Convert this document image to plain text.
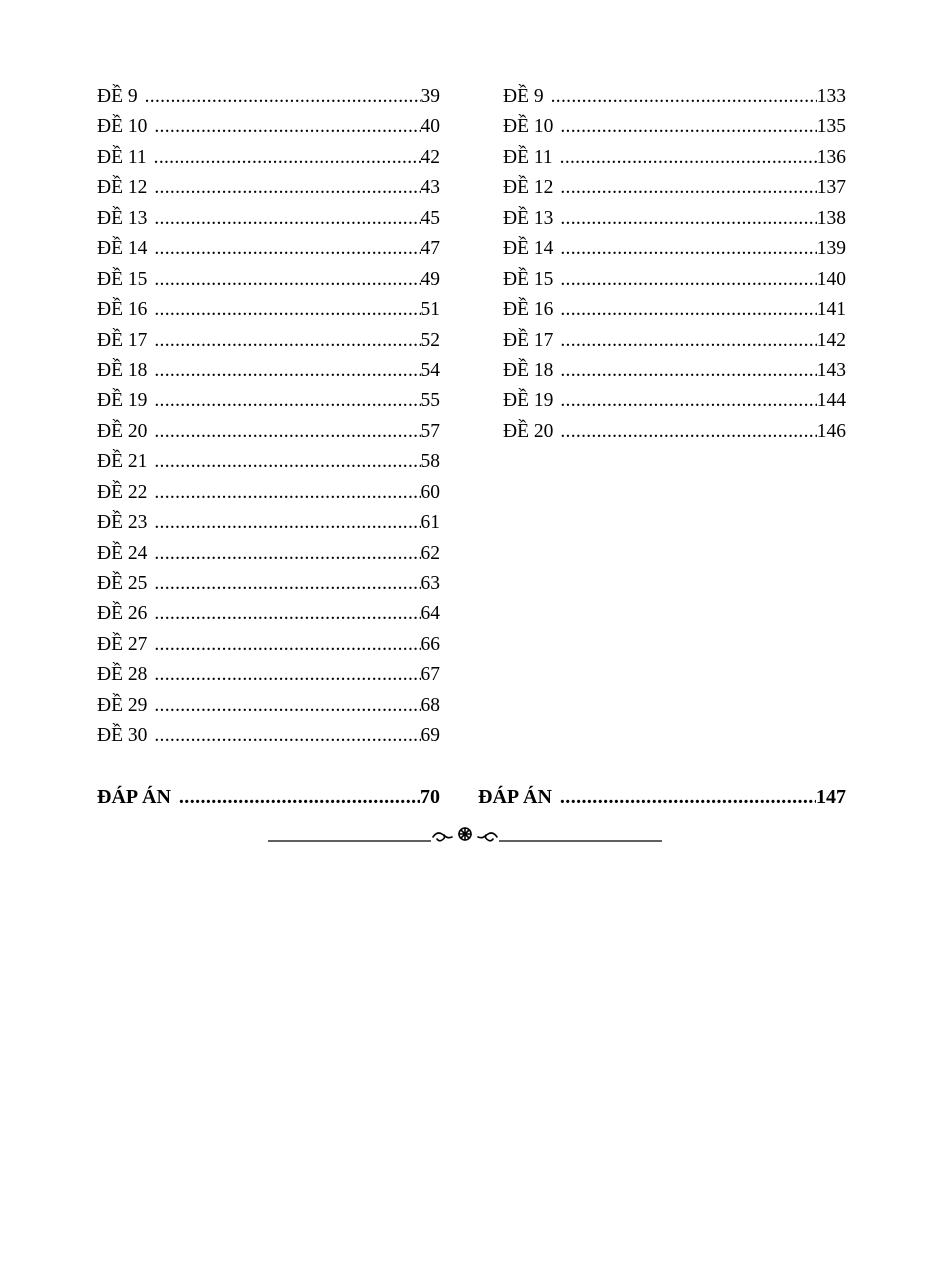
ĐỀ 9 .....	39
ĐỀ 10 .....	40
ĐỀ 11 .....	42
ĐỀ 12 .....	43
ĐỀ 13 .....	45
ĐỀ 14 .....	47
ĐỀ 15 .....	49
ĐỀ 16 .....	51
ĐỀ 17 .....	52
ĐỀ 18 .....	54
ĐỀ 19 .....	55
ĐỀ 20 .....	57
ĐỀ 21 .....	58
ĐỀ 22 .....	60
ĐỀ 23 .....	61
ĐỀ 24 .....	62
ĐỀ 25 .....	63
ĐỀ 26 .....	64
ĐỀ 27 .....	66
ĐỀ 28 .....	67
ĐỀ 29 .....	68
ĐỀ 30 .....	69
ĐỀ 9 .....	133
ĐỀ 10 .....	135
ĐỀ 11 .....	136
ĐỀ 12 .....	137
ĐỀ 13 .....	138
ĐỀ 14 .....	139
ĐỀ 15 .....	140
ĐỀ 16 .....	141
ĐỀ 17 .....	142
ĐỀ 18 .....	143
ĐỀ 19 .....	144
ĐỀ 20 .....	146
ĐÁP ÁN .....	70 ĐÁP ÁN .....	147
